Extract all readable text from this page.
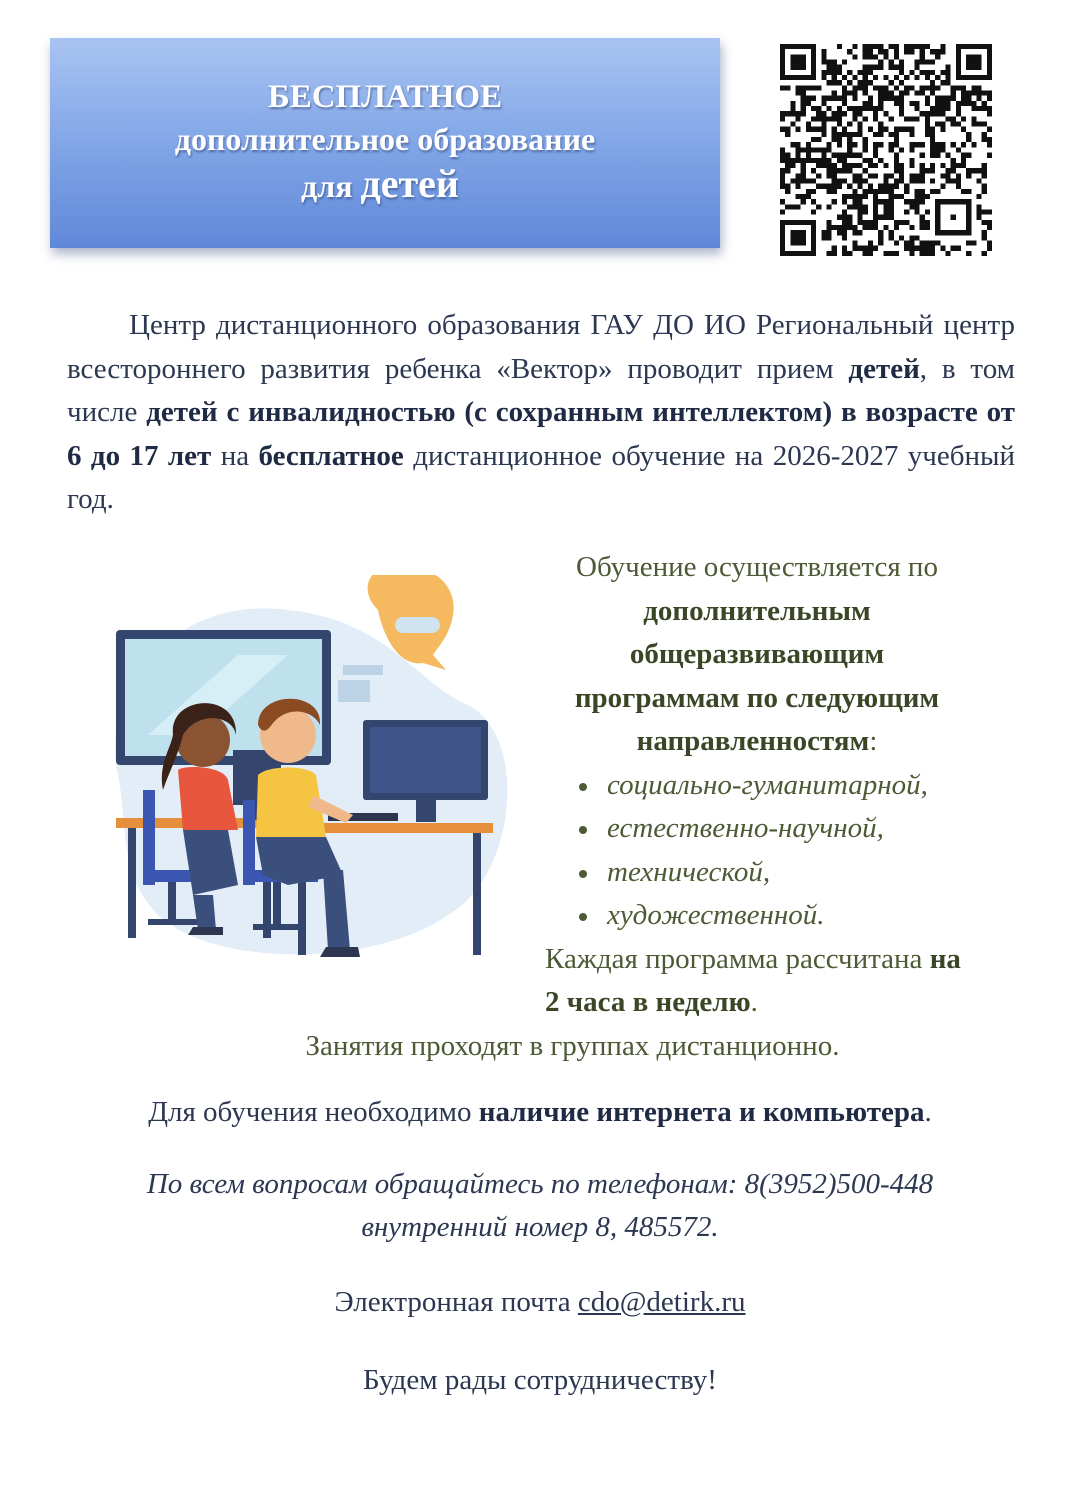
БЕСПЛАТНОЕ
дополнительное образование
для детей
Центр дистанционного образования ГАУ ДО ИО Региональный центр всестороннего развития ребенка «Вектор» проводит прием детей, в том числе детей с инвалидностью (с сохранным интеллектом) в возрасте от 6 до 17 лет на бесплатное дистанционное обучение на 2026-2027 учебный год.
Обучение осуществляется по
дополнительным общеразвивающим программам по следующим направленностям:
социально-гуманитарной,
естественно-научной,
технической,
художественной.
Каждая программа рассчитана на
2 часа в неделю.
Занятия проходят в группах дистанционно.
Для обучения необходимо наличие интернета и компьютера.
По всем вопросам обращайтесь по телефонам: 8(3952)500-448
внутренний номер 8, 485572.
Электронная почта cdo@detirk.ru
Будем рады сотрудничеству!
